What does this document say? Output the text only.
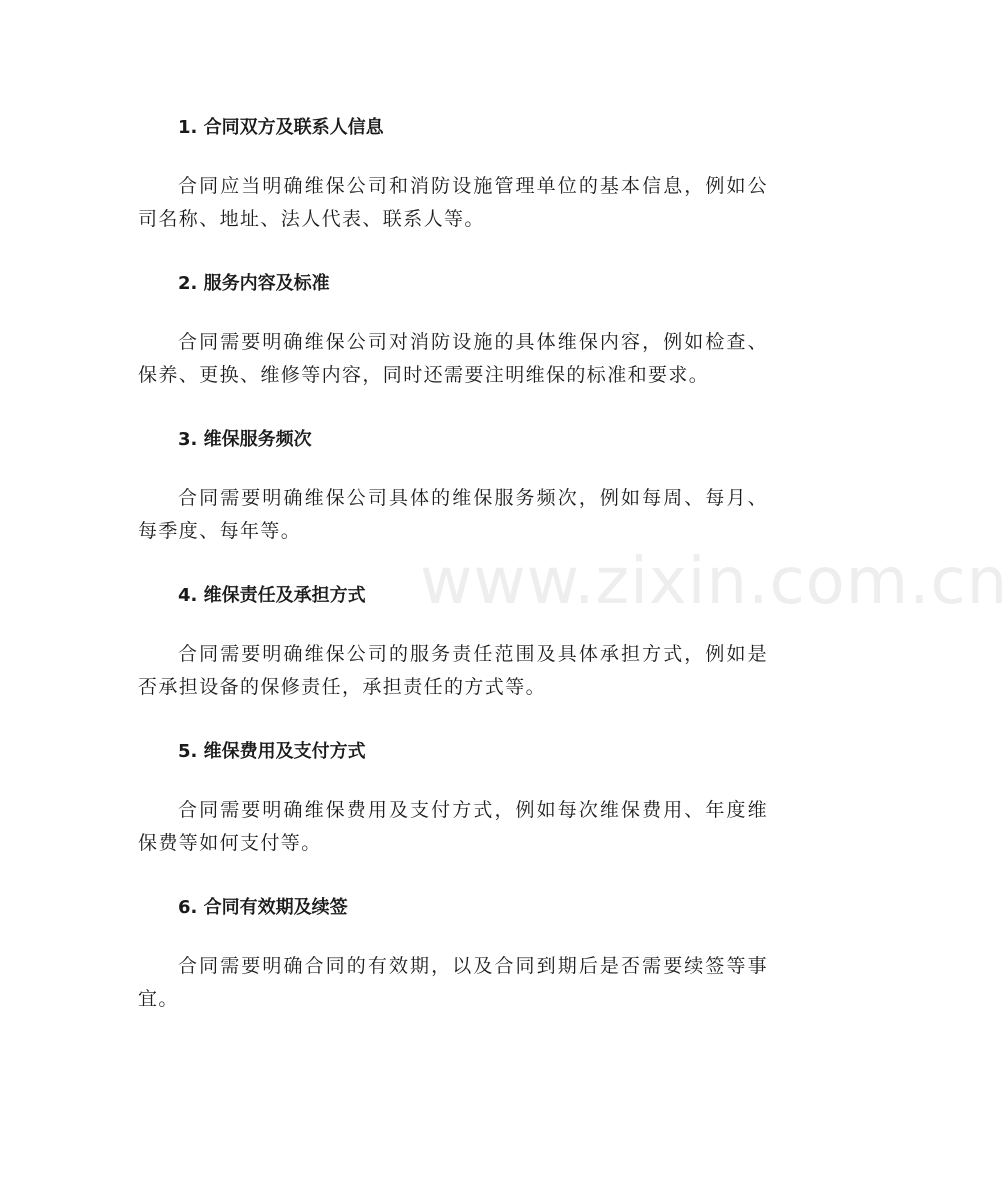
www.zixin.com.cn
1. 合同双方及联系人信息

合同应当明确维保公司和消防设施管理单位的基本信息，例如公司名称、地址、法人代表、联系人等。

2. 服务内容及标准

合同需要明确维保公司对消防设施的具体维保内容，例如检查、保养、更换、维修等内容，同时还需要注明维保的标准和要求。

3. 维保服务频次

合同需要明确维保公司具体的维保服务频次，例如每周、每月、每季度、每年等。

4. 维保责任及承担方式

合同需要明确维保公司的服务责任范围及具体承担方式，例如是否承担设备的保修责任，承担责任的方式等。

5. 维保费用及支付方式

合同需要明确维保费用及支付方式，例如每次维保费用、年度维保费等如何支付等。

6. 合同有效期及续签

合同需要明确合同的有效期，以及合同到期后是否需要续签等事宜。
